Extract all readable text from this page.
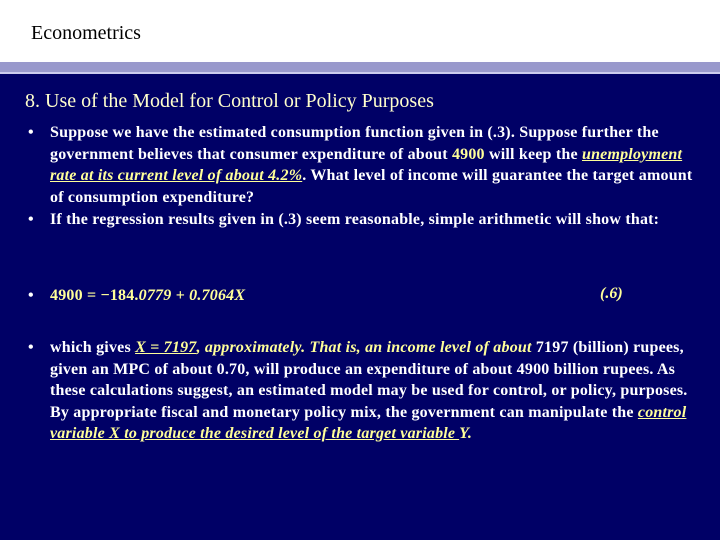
Econometrics
8. Use of the Model for Control or Policy Purposes
• Suppose we have the estimated consumption function given in (.3). Suppose further the government believes that consumer expenditure of about 4900 will keep the unemployment rate at its current level of about 4.2%. What level of income will guarantee the target amount of consumption expenditure?
• If the regression results given in (.3) seem reasonable, simple arithmetic will show that:
• 4900 = −184.0779 + 0.7064X	(.6)
• which gives X = 7197, approximately. That is, an income level of about 7197 (billion) rupees, given an MPC of about 0.70, will produce an expenditure of about 4900 billion rupees. As these calculations suggest, an estimated model may be used for control, or policy, purposes. By appropriate fiscal and monetary policy mix, the government can manipulate the control variable X to produce the desired level of the target variable Y.
